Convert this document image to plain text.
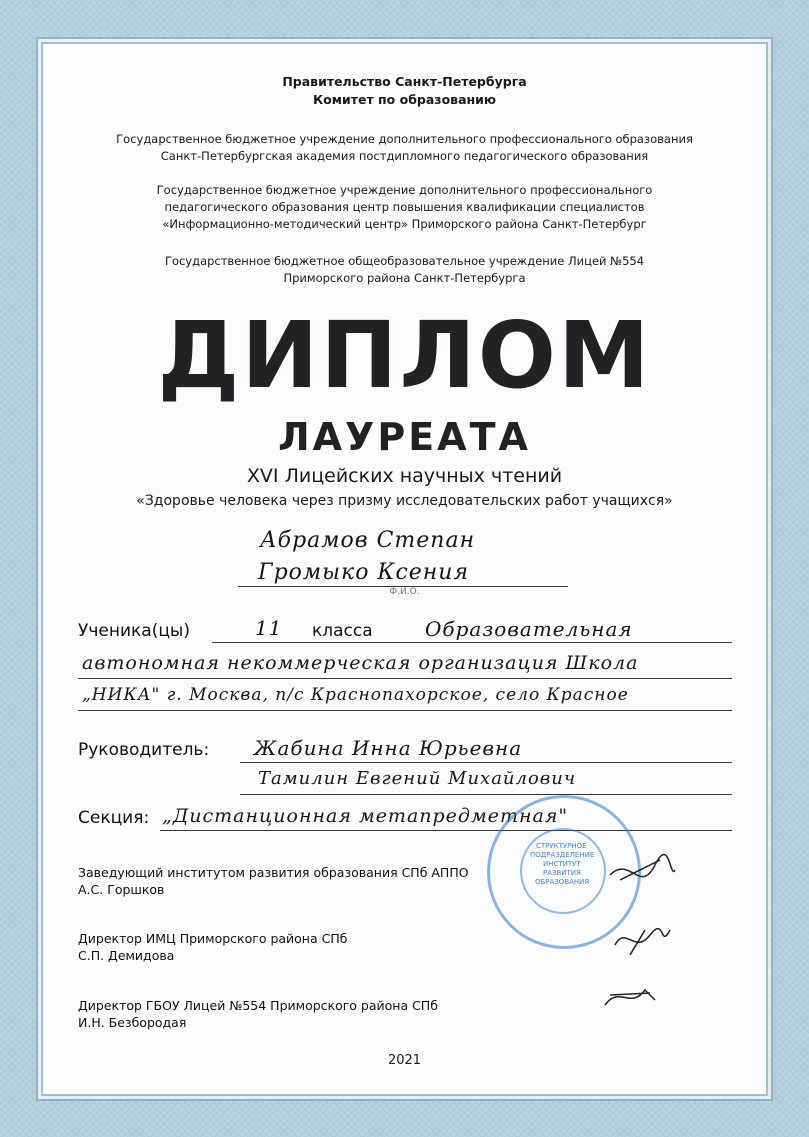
Правительство Санкт-Петербурга
Комитет по образованию
Государственное бюджетное учреждение дополнительного профессионального образования
Санкт-Петербургская академия постдипломного педагогического образования
Государственное бюджетное учреждение дополнительного профессионального
педагогического образования центр повышения квалификации специалистов
«Информационно-методический центр» Приморского района Санкт-Петербург
Государственное бюджетное общеобразовательное учреждение Лицей №554
Приморского района Санкт-Петербурга
ДИПЛОМ
ЛАУРЕАТА
XVI Лицейских научных чтений
«Здоровье человека через призму исследовательских работ учащихся»
Абрамов Степан
Громыко Ксения
Ф.И.О.
Ученика(цы)	11 класса	Образовательная
автономная некоммерческая организация Школа
„НИКА" г. Москва, п/с Краснопахорское, село Красное
Руководитель: Жабина Инна Юрьевна
Тамилин Евгений Михайлович
Секция: „Дистанционная метапредметная"
Заведующий институтом развития образования СПб АППО
А.С. Горшков
Директор ИМЦ Приморского района СПб
С.П. Демидова
Директор ГБОУ Лицей №554 Приморского района СПб
И.Н. Безбородая
СТРУКТУРНОЕ
ПОДРАЗДЕЛЕНИЕ
ИНСТИТУТ
РАЗВИТИЯ
ОБРАЗОВАНИЯ
2021
